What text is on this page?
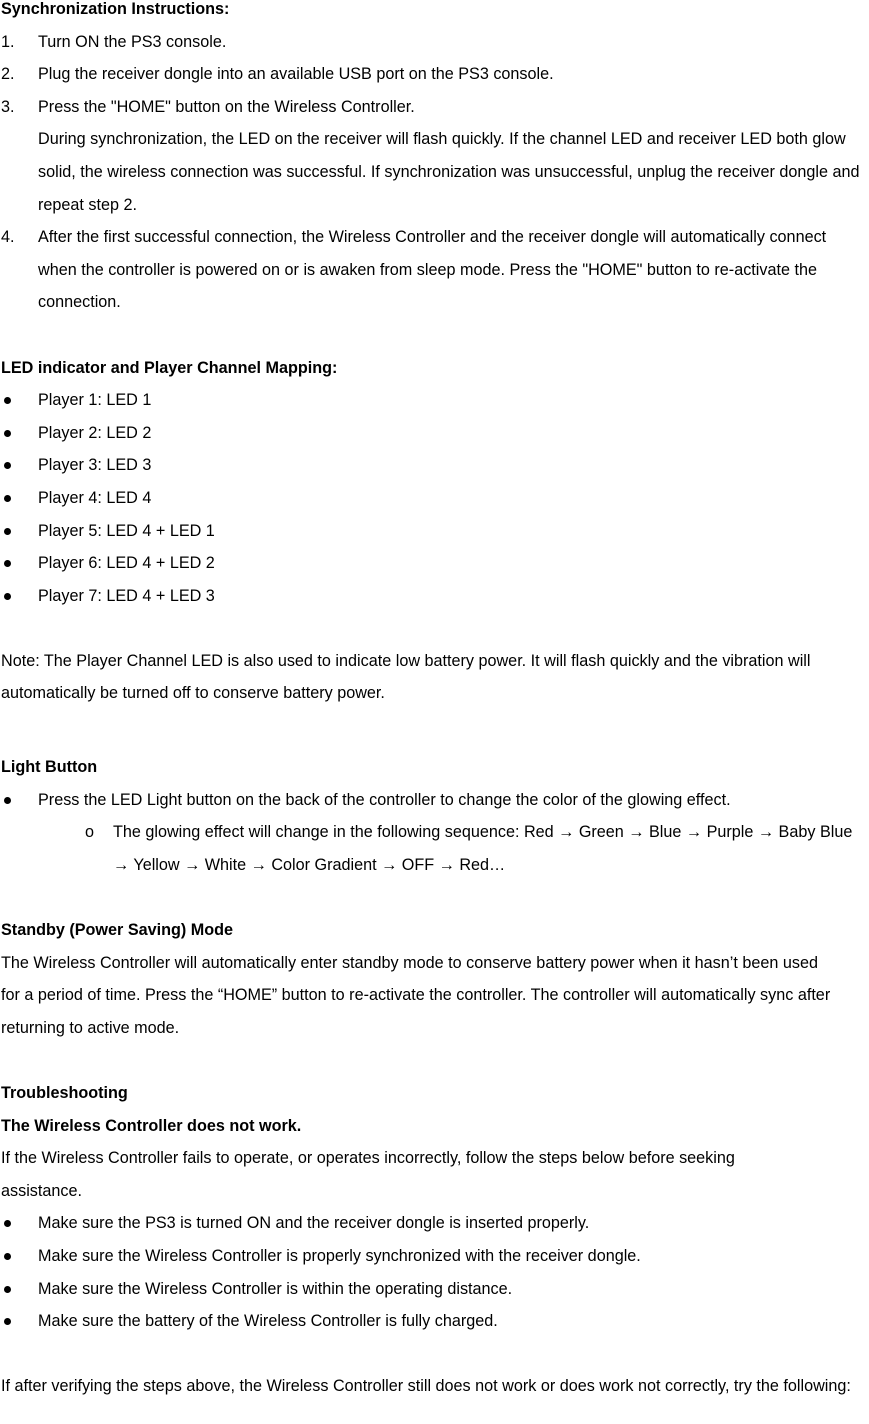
Synchronization Instructions:
1. Turn ON the PS3 console.
2. Plug the receiver dongle into an available USB port on the PS3 console.
3. Press the "HOME" button on the Wireless Controller.
During synchronization, the LED on the receiver will flash quickly. If the channel LED and receiver LED both glow solid, the wireless connection was successful. If synchronization was unsuccessful, unplug the receiver dongle and repeat step 2.
4. After the first successful connection, the Wireless Controller and the receiver dongle will automatically connect when the controller is powered on or is awaken from sleep mode. Press the "HOME" button to re-activate the connection.
LED indicator and Player Channel Mapping:
Player 1: LED 1
Player 2: LED 2
Player 3: LED 3
Player 4: LED 4
Player 5: LED 4 + LED 1
Player 6: LED 4 + LED 2
Player 7: LED 4 + LED 3
Note: The Player Channel LED is also used to indicate low battery power. It will flash quickly and the vibration will automatically be turned off to conserve battery power.
Light Button
Press the LED Light button on the back of the controller to change the color of the glowing effect.
o The glowing effect will change in the following sequence: Red → Green → Blue → Purple → Baby Blue → Yellow → White → Color Gradient → OFF → Red…
Standby (Power Saving) Mode
The Wireless Controller will automatically enter standby mode to conserve battery power when it hasn’t been used for a period of time. Press the “HOME” button to re-activate the controller. The controller will automatically sync after returning to active mode.
Troubleshooting
The Wireless Controller does not work.
If the Wireless Controller fails to operate, or operates incorrectly, follow the steps below before seeking assistance.
Make sure the PS3 is turned ON and the receiver dongle is inserted properly.
Make sure the Wireless Controller is properly synchronized with the receiver dongle.
Make sure the Wireless Controller is within the operating distance.
Make sure the battery of the Wireless Controller is fully charged.
If after verifying the steps above, the Wireless Controller still does not work or does work not correctly, try the following:
